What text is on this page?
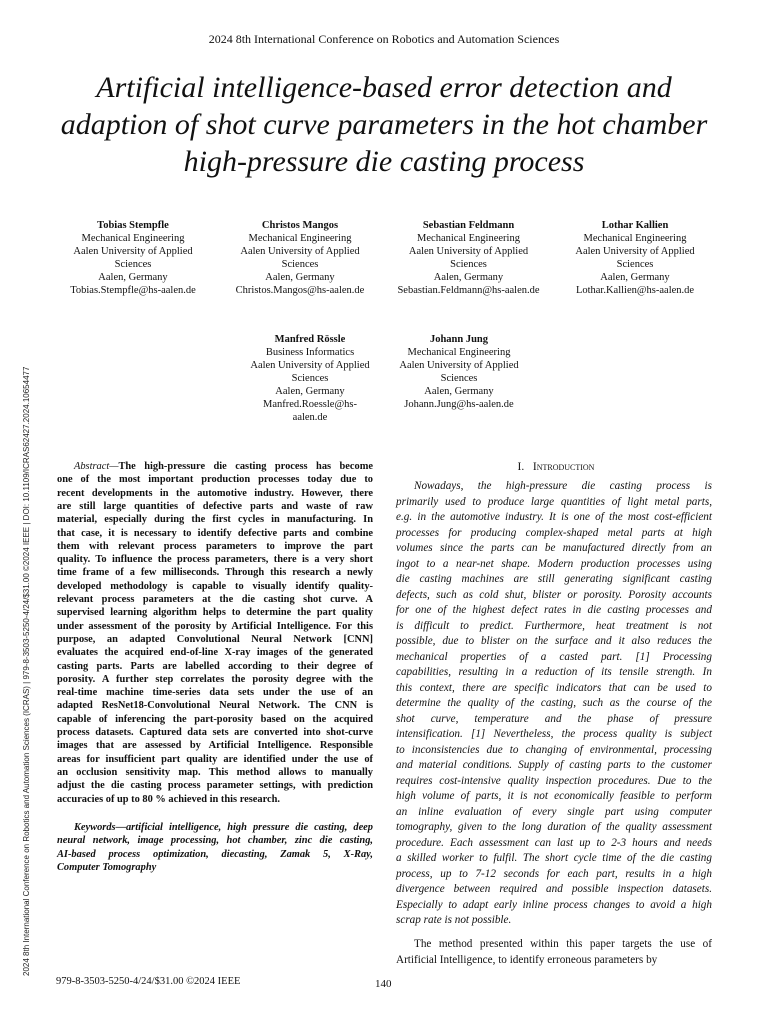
2024 8th International Conference on Robotics and Automation Sciences
Artificial intelligence-based error detection and
adaption of shot curve parameters in the hot chamber
high-pressure die casting process
Tobias Stempfle
Mechanical Engineering
Aalen University of Applied
Sciences
Aalen, Germany
Tobias.Stempfle@hs-aalen.de
Christos Mangos
Mechanical Engineering
Aalen University of Applied
Sciences
Aalen, Germany
Christos.Mangos@hs-aalen.de
Sebastian Feldmann
Mechanical Engineering
Aalen University of Applied
Sciences
Aalen, Germany
Sebastian.Feldmann@hs-aalen.de
Lothar Kallien
Mechanical Engineering
Aalen University of Applied
Sciences
Aalen, Germany
Lothar.Kallien@hs-aalen.de
Manfred Rössle
Business Informatics
Aalen University of Applied
Sciences
Aalen, Germany
Manfred.Roessle@hs-
aalen.de
Johann Jung
Mechanical Engineering
Aalen University of Applied
Sciences
Aalen, Germany
Johann.Jung@hs-aalen.de
2024 8th International Conference on Robotics and Automation Sciences (ICRAS) | 979-8-3503-5250-4/24/$31.00 ©2024 IEEE | DOI: 10.1109/ICRAS62427.2024.10654477	Abstract—The high-pressure die casting process has become
one of the most important production processes today due to
recent developments in the automotive industry. However, there
are still large quantities of defective parts and waste of raw
material, especially during the first cycles in manufacturing. In
that case, it is necessary to identify defective parts and combine
them with relevant process parameters to improve the part
quality. To influence the process parameters, there is a very short
time frame of a few milliseconds. Through this research a newly
developed methodology is capable to visually identify quality-
relevant process parameters at the die casting shot curve. A
supervised learning algorithm helps to determine the part quality
under assessment of the porosity by Artificial Intelligence. For this
purpose, an adapted Convolutional Neural Network [CNN]
evaluates the acquired end-of-line X-ray images of the generated
casting parts. Parts are labelled according to their degree of
porosity. A further step correlates the porosity degree with the
real-time machine time-series data sets under the use of an
adapted ResNet18-Convolutional Neural Network. The CNN is
capable of inferencing the part-porosity based on the acquired
process datasets. Captured data sets are converted into shot-curve
images that are assessed by Artificial Intelligence. Responsible
areas for insufficient part quality are identified under the use of
an occlusion sensitivity map. This method allows to manually
adjust the die casting process parameter settings, with prediction
accuracies of up to 80 % achieved in this research.
Keywords—artificial intelligence, high pressure die casting, deep
neural network, image processing, hot chamber, zinc die casting,
AI-based process optimization, diecasting, Zamak 5, X-Ray,
Computer Tomography
I. Introduction
Nowadays, the high-pressure die casting process is
primarily used to produce large quantities of light metal parts,
e.g. in the automotive industry. It is one of the most cost-efficient
processes for producing complex-shaped metal parts at high
volumes since the parts can be manufactured directly from an
ingot to a near-net shape. Modern production processes using
die casting machines are still generating significant casting
defects, such as cold shut, blister or porosity. Porosity accounts
for one of the highest defect rates in die casting processes and
is difficult to predict. Furthermore, heat treatment is not
possible, due to blister on the surface and it also reduces the
mechanical properties of a casted part. [1] Processing
capabilities, resulting in a reduction of its tensile strength. In
this context, there are specific indicators that can be used to
determine the quality of the casting, such as the course of the
shot curve, temperature and the phase of pressure
intensification. [1] Nevertheless, the process quality is subject
to inconsistencies due to changing of environmental, processing
and material conditions. Supply of casting parts to the customer
requires cost-intensive quality inspection procedures. Due to the
high volume of parts, it is not economically feasible to perform
an inline evaluation of every single part using computer
tomography, given to the long duration of the quality assessment
procedure. Each assessment can last up to 2-3 hours and needs
a skilled worker to fulfil. The short cycle time of the die casting
process, up to 7-12 seconds for each part, results in a high
divergence between required and possible inspection datasets.
Especially to adapt early inline process changes to avoid a high
scrap rate is not possible.
The method presented within this paper targets the use of
Artificial Intelligence, to identify erroneous parameters by
979-8-3503-5250-4/24/$31.00 ©2024 IEEE	140
